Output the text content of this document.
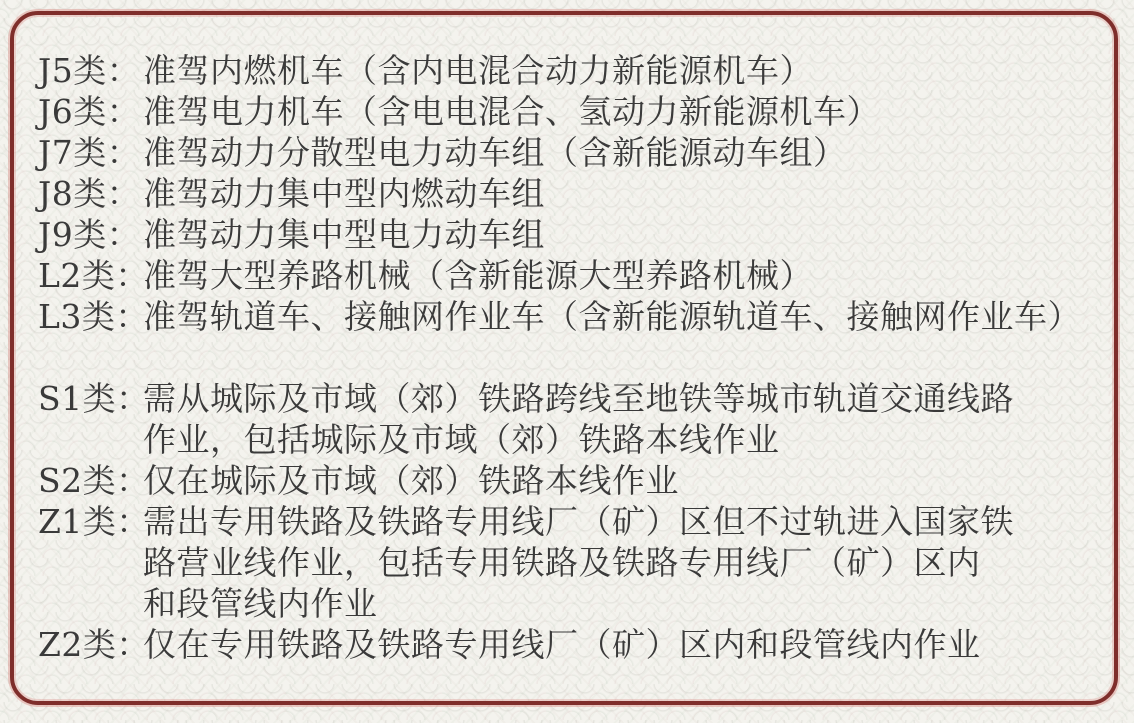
J5类： 准驾内燃机车（含内电混合动力新能源机车）
J6类： 准驾电力机车（含电电混合、氢动力新能源机车）
J7类： 准驾动力分散型电力动车组（含新能源动车组）
J8类： 准驾动力集中型内燃动车组
J9类： 准驾动力集中型电力动车组
L2类：
准驾大型养路机械（含新能源大型养路机械）
L3类：
准驾轨道车、接触网作业车（含新能源轨道车、接触网作业车）
S1类：
需从城际及市域（郊）铁路跨线至地铁等城市轨道交通线路
作业，包括城际及市域（郊）铁路本线作业
S2类：
仅在城际及市域（郊）铁路本线作业
Z1类：
需出专用铁路及铁路专用线厂（矿）区但不过轨进入国家铁
路营业线作业，包括专用铁路及铁路专用线厂（矿）区内
和段管线内作业
Z2类：
仅在专用铁路及铁路专用线厂（矿）区内和段管线内作业
